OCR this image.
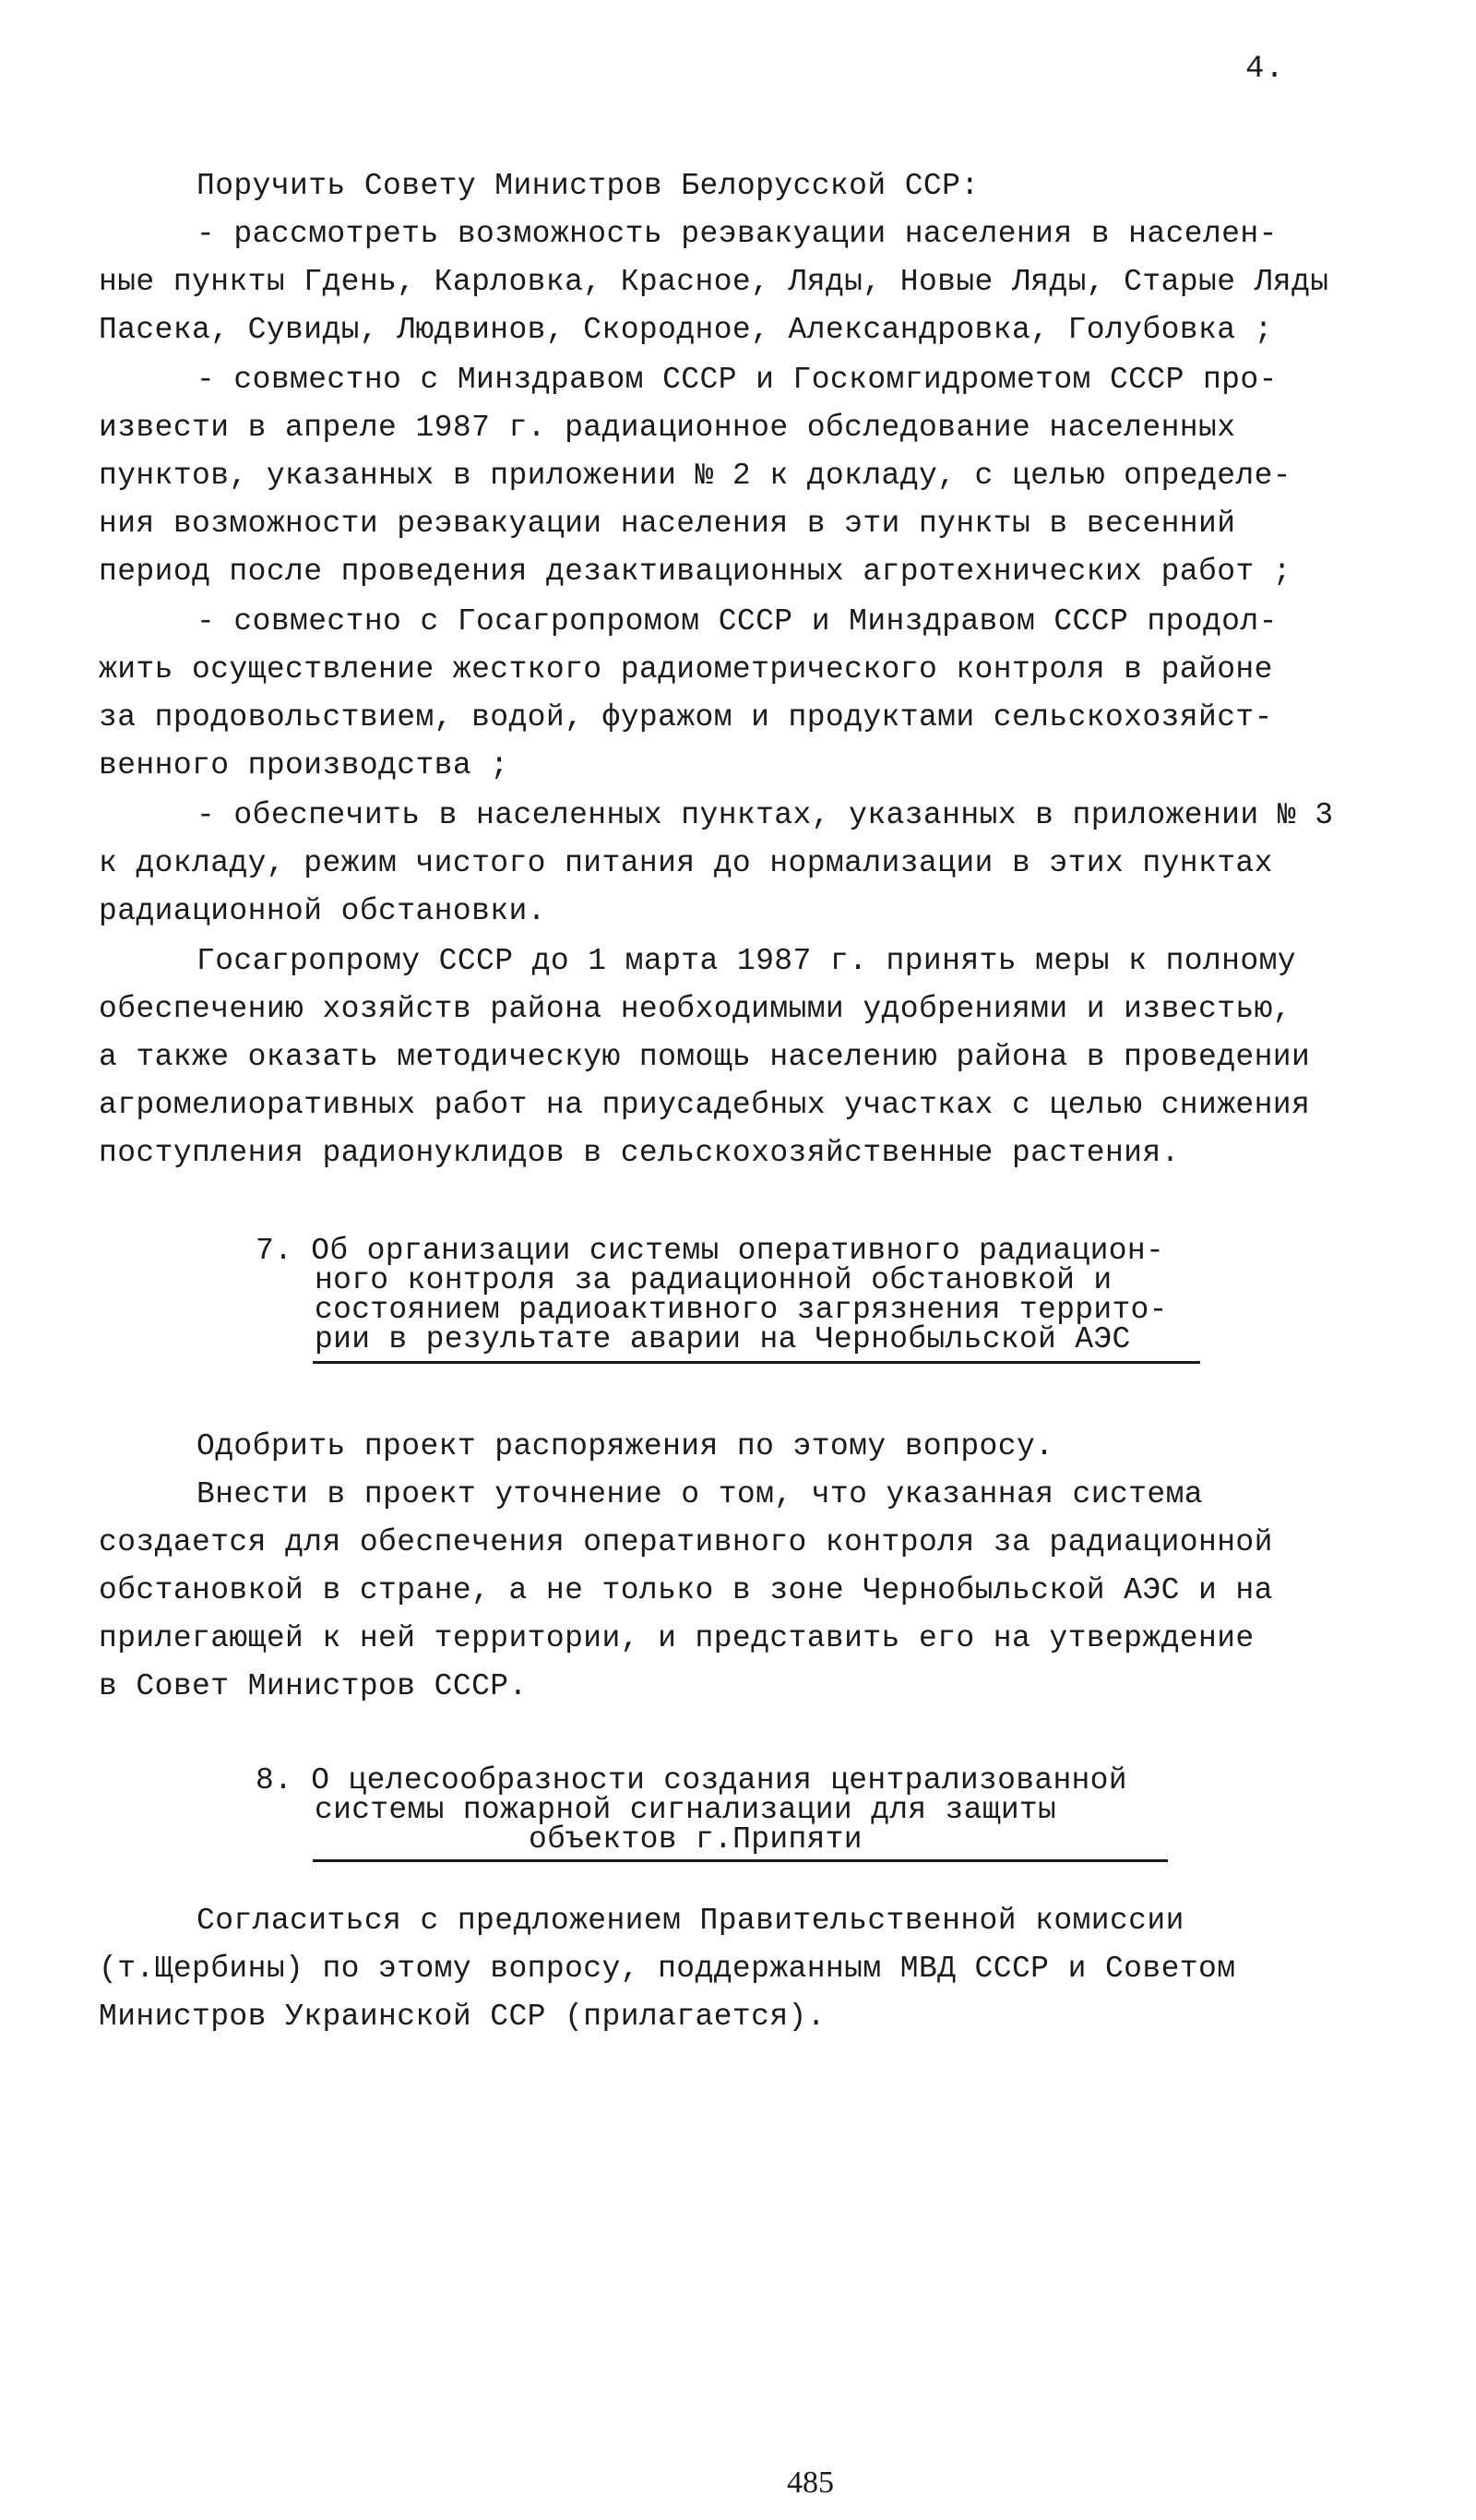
4.
Поручить Совету Министров Белорусской ССР:
- рассмотреть возможность реэвакуации населения в населен-
ные пункты Гдень, Карловка, Красное, Ляды, Новые Ляды, Старые Ляды
Пасека, Сувиды, Людвинов, Скородное, Александровка, Голубовка ;
- совместно с Минздравом СССР и Госкомгидрометом СССР про-
извести в апреле 1987 г. радиационное обследование населенных
пунктов, указанных в приложении № 2 к докладу, с целью определе-
ния возможности реэвакуации населения в эти пункты в весенний
период после проведения дезактивационных агротехнических работ ;
- совместно с Госагропромом СССР и Минздравом СССР продол-
жить осуществление жесткого радиометрического контроля в районе
за продовольствием, водой, фуражом и продуктами сельскохозяйст-
венного производства ;
- обеспечить в населенных пунктах, указанных в приложении № 3
к докладу, режим чистого питания до нормализации в этих пунктах
радиационной обстановки.
Госагропрому СССР до 1 марта 1987 г. принять меры к полному
обеспечению хозяйств района необходимыми удобрениями и известью,
а также оказать методическую помощь населению района в проведении
агромелиоративных работ на приусадебных участках с целью снижения
поступления радионуклидов в сельскохозяйственные растения.
7. Об организации системы оперативного радиацион-
ного контроля за радиационной обстановкой и
состоянием радиоактивного загрязнения террито-
рии в результате аварии на Чернобыльской АЭС
Одобрить проект распоряжения по этому вопросу.
Внести в проект уточнение о том, что указанная система
создается для обеспечения оперативного контроля за радиационной
обстановкой в стране, а не только в зоне Чернобыльской АЭС и на
прилегающей к ней территории, и представить его на утверждение
в Совет Министров СССР.
8. О целесообразности создания централизованной
системы пожарной сигнализации для защиты
объектов г.Припяти
Согласиться с предложением Правительственной комиссии
(т.Щербины) по этому вопросу, поддержанным МВД СССР и Советом
Министров Украинской ССР (прилагается).
485
